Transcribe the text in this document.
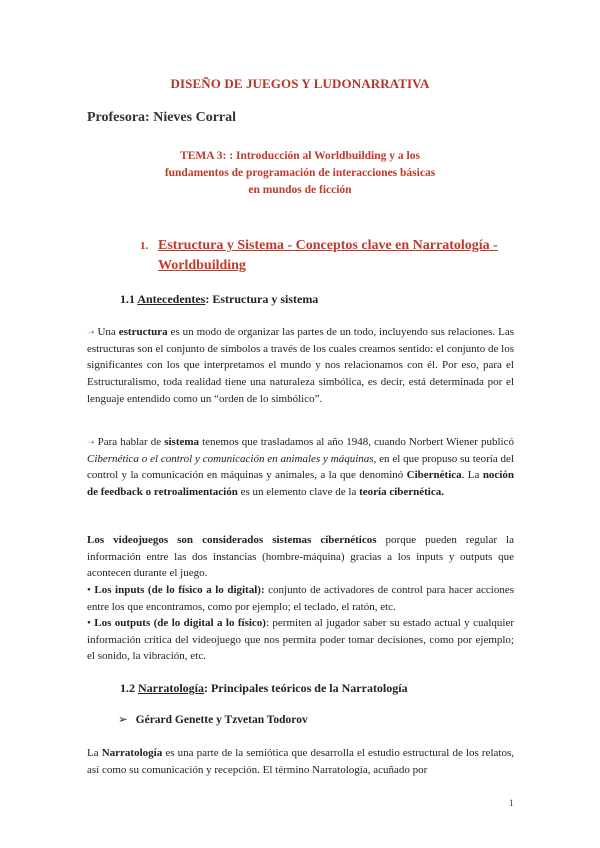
DISEÑO DE JUEGOS Y LUDONARRATIVA
Profesora: Nieves Corral
TEMA 3: : Introducción al Worldbuilding y a los fundamentos de programación de interacciones básicas en mundos de ficción
1. Estructura y Sistema - Conceptos clave en Narratología -
Worldbuilding
1.1 Antecedentes: Estructura y sistema
➝ Una estructura es un modo de organizar las partes de un todo, incluyendo sus relaciones. Las estructuras son el conjunto de símbolos a través de los cuales creamos sentido: el conjunto de los significantes con los que interpretamos el mundo y nos relacionamos con él. Por eso, para el Estructuralismo, toda realidad tiene una naturaleza simbólica, es decir, está determinada por el lenguaje entendido como un “orden de lo simbólico”.
➝ Para hablar de sistema tenemos que trasladamos al año 1948, cuando Norbert Wiener publicó Cibernética o el control y comunicación en animales y máquinas, en el que propuso su teoría del control y la comunicación en máquinas y animales, a la que denominó Cibernética. La noción de feedback o retroalimentación es un elemento clave de la teoría cibernética.
Los videojuegos son considerados sistemas cibernéticos porque pueden regular la información entre las dos instancias (hombre-máquina) gracias a los inputs y outputs que acontecen durante el juego.
• Los inputs (de lo físico a lo digital): conjunto de activadores de control para hacer acciones entre los que encontramos, como por ejemplo; el teclado, el ratón, etc.
• Los outputs (de lo digital a lo físico): permiten al jugador saber su estado actual y cualquier información crítica del videojuego que nos permita poder tomar decisiones, como por ejemplo; el sonido, la vibración, etc.
1.2 Narratología: Principales teóricos de la Narratología
➢ Gérard Genette y Tzvetan Todorov
La Narratología es una parte de la semiótica que desarrolla el estudio estructural de los relatos, así como su comunicación y recepción. El término Narratología, acuñado por
1
